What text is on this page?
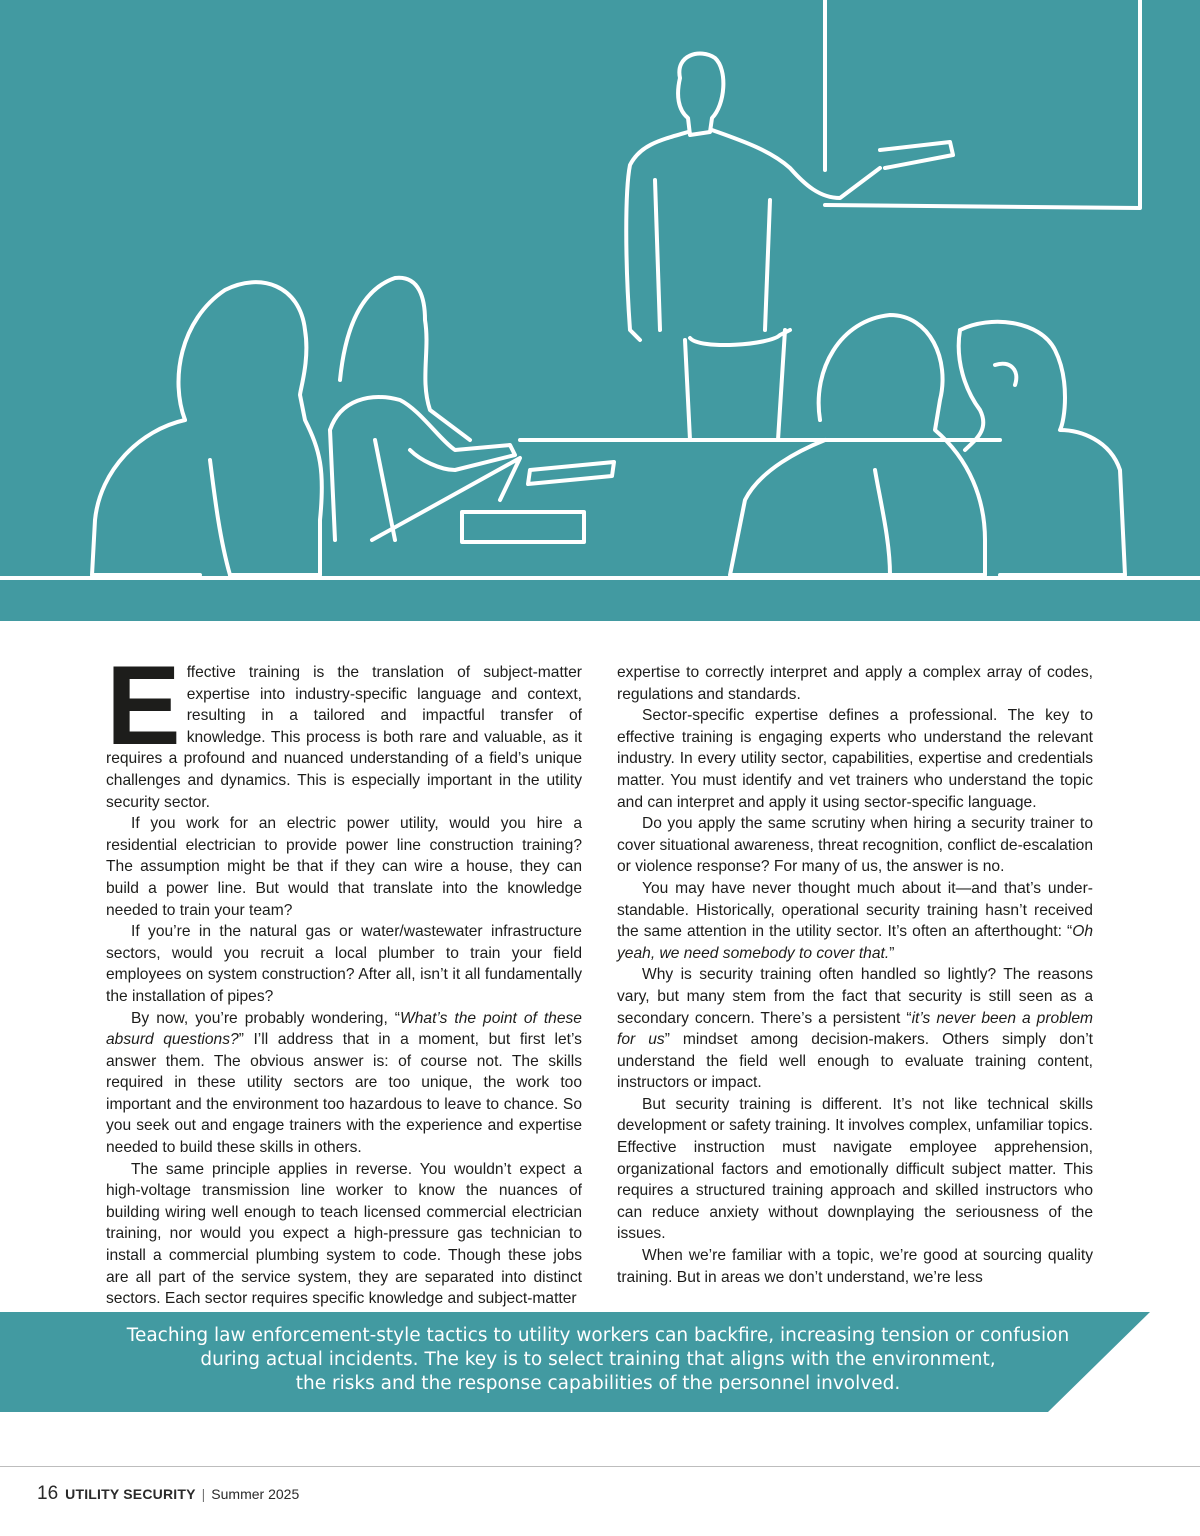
Effective training is the translation of subject-matter expertise into industry-specific language and context, resulting in a tailored and impactful transfer of knowledge. This process is both rare and valuable, as it requires a profound and nuanced understanding of a field’s unique challenges and dynamics. This is especially important in the utility security sector.

If you work for an electric power utility, would you hire a residential electrician to provide power line construction training? The assumption might be that if they can wire a house, they can build a power line. But would that translate into the knowledge needed to train your team?

If you’re in the natural gas or water/wastewater infrastructure sectors, would you recruit a local plumber to train your field employees on system construction? After all, isn’t it all fundamentally the installation of pipes?

By now, you’re probably wondering, “What’s the point of these absurd questions?” I’ll address that in a moment, but first let’s answer them. The obvious answer is: of course not. The skills required in these utility sectors are too unique, the work too important and the environment too hazardous to leave to chance. So you seek out and engage trainers with the experience and expertise needed to build these skills in others.

The same principle applies in reverse. You wouldn’t expect a high-voltage transmission line worker to know the nuances of building wiring well enough to teach licensed commercial electrician training, nor would you expect a high-pressure gas technician to install a commercial plumbing system to code. Though these jobs are all part of the service system, they are separated into distinct sectors. Each sector requires specific knowledge and subject-matter

expertise to correctly interpret and apply a complex array of codes, regulations and standards.

Sector-specific expertise defines a professional. The key to effective training is engaging experts who understand the relevant industry. In every utility sector, capabilities, expertise and credentials matter. You must identify and vet trainers who understand the topic and can interpret and apply it using sector-specific language.

Do you apply the same scrutiny when hiring a security trainer to cover situational awareness, threat recognition, conflict de-escalation or violence response? For many of us, the answer is no.

You may have never thought much about it—and that’s under-standable. Historically, operational security training hasn’t received the same attention in the utility sector. It’s often an afterthought: “Oh yeah, we need somebody to cover that.”

Why is security training often handled so lightly? The reasons vary, but many stem from the fact that security is still seen as a secondary concern. There’s a persistent “it’s never been a problem for us” mindset among decision-makers. Others simply don’t understand the field well enough to evaluate training content, instructors or impact.

But security training is different. It’s not like technical skills development or safety training. It involves complex, unfamiliar topics. Effective instruction must navigate employee apprehension, organizational factors and emotionally difficult subject matter. This requires a structured training approach and skilled instructors who can reduce anxiety without downplaying the seriousness of the issues.

When we’re familiar with a topic, we’re good at sourcing quality training. But in areas we don’t understand, we’re less

Teaching law enforcement-style tactics to utility workers can backfire, increasing tension or confusion
during actual incidents. The key is to select training that aligns with the environment,
the risks and the response capabilities of the personnel involved.
16 UTILITY SECURITY | Summer 2025
